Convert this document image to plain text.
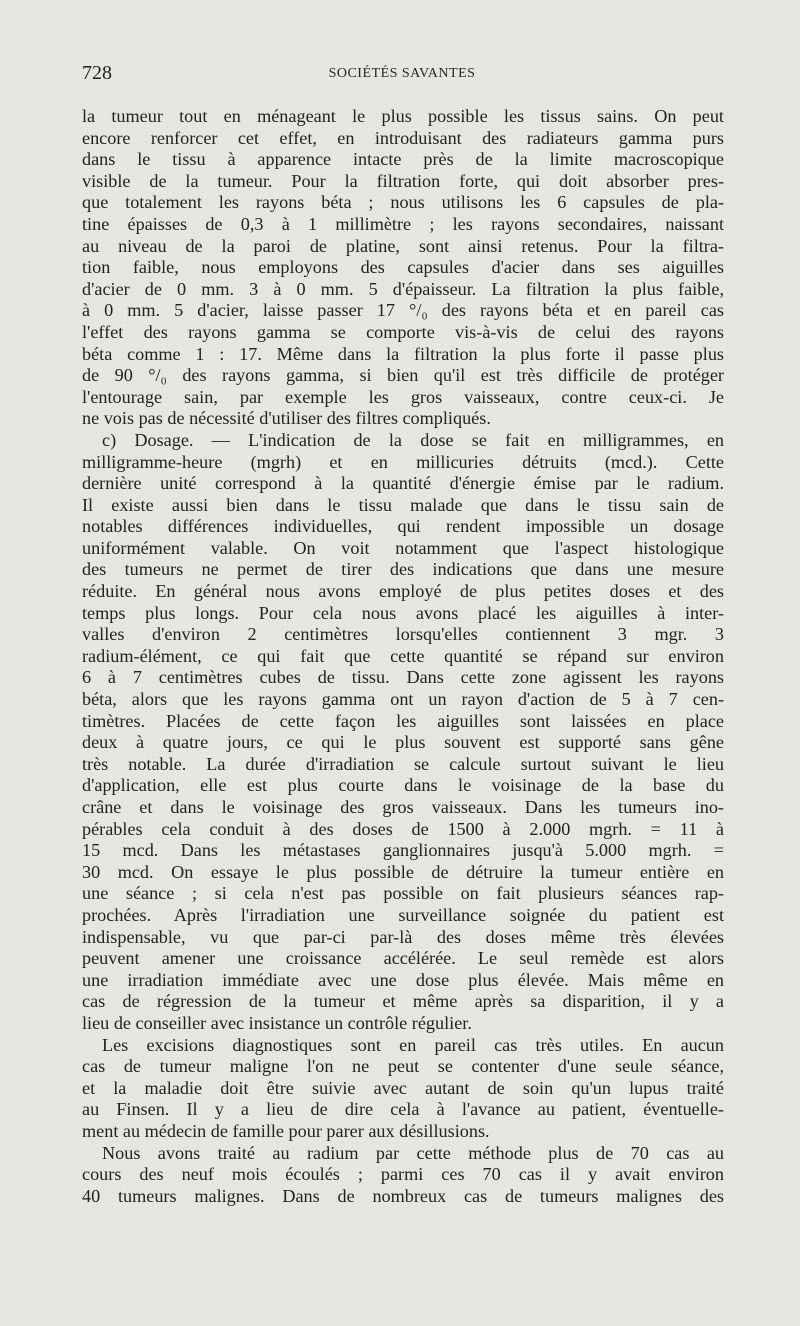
728	SOCIÉTÉS SAVANTES
la tumeur tout en ménageant le plus possible les tissus sains. On peut
encore renforcer cet effet, en introduisant des radiateurs gamma purs
dans le tissu à apparence intacte près de la limite macroscopique
visible de la tumeur. Pour la filtration forte, qui doit absorber pres-
que totalement les rayons béta ; nous utilisons les 6 capsules de pla-
tine épaisses de 0,3 à 1 millimètre ; les rayons secondaires, naissant
au niveau de la paroi de platine, sont ainsi retenus. Pour la filtra-
tion faible, nous employons des capsules d'acier dans ses aiguilles
d'acier de 0 mm. 3 à 0 mm. 5 d'épaisseur. La filtration la plus faible,
à 0 mm. 5 d'acier, laisse passer 17 °/₀ des rayons béta et en pareil cas
l'effet des rayons gamma se comporte vis-à-vis de celui des rayons
béta comme 1 : 17. Même dans la filtration la plus forte il passe plus
de 90 °/₀ des rayons gamma, si bien qu'il est très difficile de protéger
l'entourage sain, par exemple les gros vaisseaux, contre ceux-ci. Je
ne vois pas de nécessité d'utiliser des filtres compliqués.
c) Dosage. — L'indication de la dose se fait en milligrammes, en
milligramme-heure (mgrh) et en millicuries détruits (mcd.). Cette
dernière unité correspond à la quantité d'énergie émise par le radium.
Il existe aussi bien dans le tissu malade que dans le tissu sain de
notables différences individuelles, qui rendent impossible un dosage
uniformément valable. On voit notamment que l'aspect histologique
des tumeurs ne permet de tirer des indications que dans une mesure
réduite. En général nous avons employé de plus petites doses et des
temps plus longs. Pour cela nous avons placé les aiguilles à inter-
valles d'environ 2 centimètres lorsqu'elles contiennent 3 mgr. 3
radium-élément, ce qui fait que cette quantité se répand sur environ
6 à 7 centimètres cubes de tissu. Dans cette zone agissent les rayons
béta, alors que les rayons gamma ont un rayon d'action de 5 à 7 cen-
timètres. Placées de cette façon les aiguilles sont laissées en place
deux à quatre jours, ce qui le plus souvent est supporté sans gêne
très notable. La durée d'irradiation se calcule surtout suivant le lieu
d'application, elle est plus courte dans le voisinage de la base du
crâne et dans le voisinage des gros vaisseaux. Dans les tumeurs ino-
pérables cela conduit à des doses de 1500 à 2.000 mgrh. = 11 à
15 mcd. Dans les métastases ganglionnaires jusqu'à 5.000 mgrh. =
30 mcd. On essaye le plus possible de détruire la tumeur entière en
une séance ; si cela n'est pas possible on fait plusieurs séances rap-
prochées. Après l'irradiation une surveillance soignée du patient est
indispensable, vu que par-ci par-là des doses même très élevées
peuvent amener une croissance accélérée. Le seul remède est alors
une irradiation immédiate avec une dose plus élevée. Mais même en
cas de régression de la tumeur et même après sa disparition, il y a
lieu de conseiller avec insistance un contrôle régulier.
Les excisions diagnostiques sont en pareil cas très utiles. En aucun
cas de tumeur maligne l'on ne peut se contenter d'une seule séance,
et la maladie doit être suivie avec autant de soin qu'un lupus traité
au Finsen. Il y a lieu de dire cela à l'avance au patient, éventuelle-
ment au médecin de famille pour parer aux désillusions.
Nous avons traité au radium par cette méthode plus de 70 cas au
cours des neuf mois écoulés ; parmi ces 70 cas il y avait environ
40 tumeurs malignes. Dans de nombreux cas de tumeurs malignes des
